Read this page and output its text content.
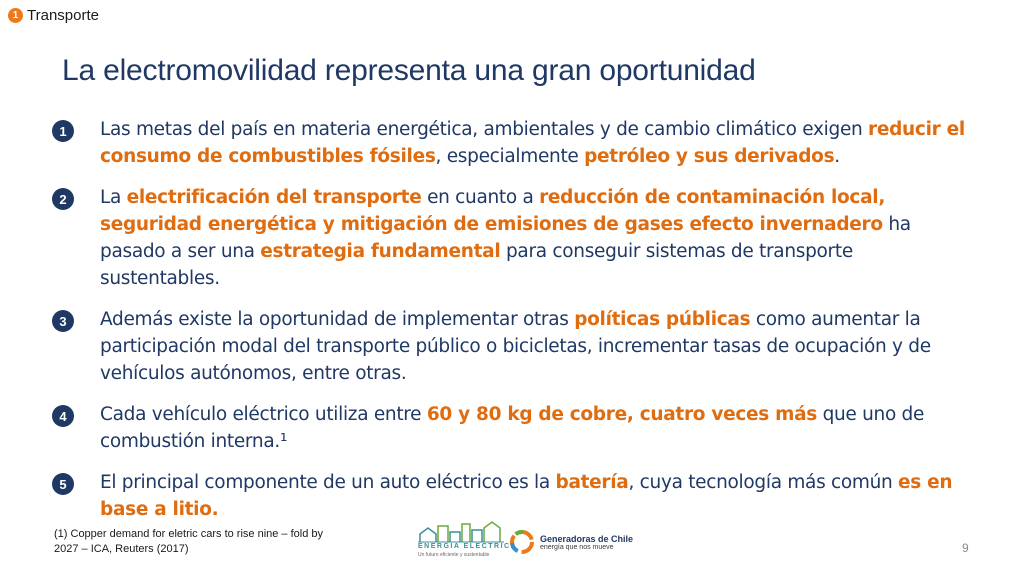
1 Transporte
La electromovilidad representa una gran oportunidad
1	Las metas del país en materia energética, ambientales y de cambio climático exigen reducir el consumo de combustibles fósiles, especialmente petróleo y sus derivados.
2	La electrificación del transporte en cuanto a reducción de contaminación local, seguridad energética y mitigación de emisiones de gases efecto invernadero ha pasado a ser una estrategia fundamental para conseguir sistemas de transporte sustentables.
3	Además existe la oportunidad de implementar otras políticas públicas como aumentar la participación modal del transporte público o bicicletas, incrementar tasas de ocupación y de vehículos autónomos, entre otras.
4	Cada vehículo eléctrico utiliza entre 60 y 80 kg de cobre, cuatro veces más que uno de combustión interna.¹
5	El principal componente de un auto eléctrico es la batería, cuya tecnología más común es en base a litio.
(1) Copper demand for eletric cars to rise nine – fold by
2027 – ICA, Reuters (2017)	ENERGÍA ELÉCTRICA
Un futuro eficiente y sustentable
Generadoras de Chile
energía que nos mueve	9
